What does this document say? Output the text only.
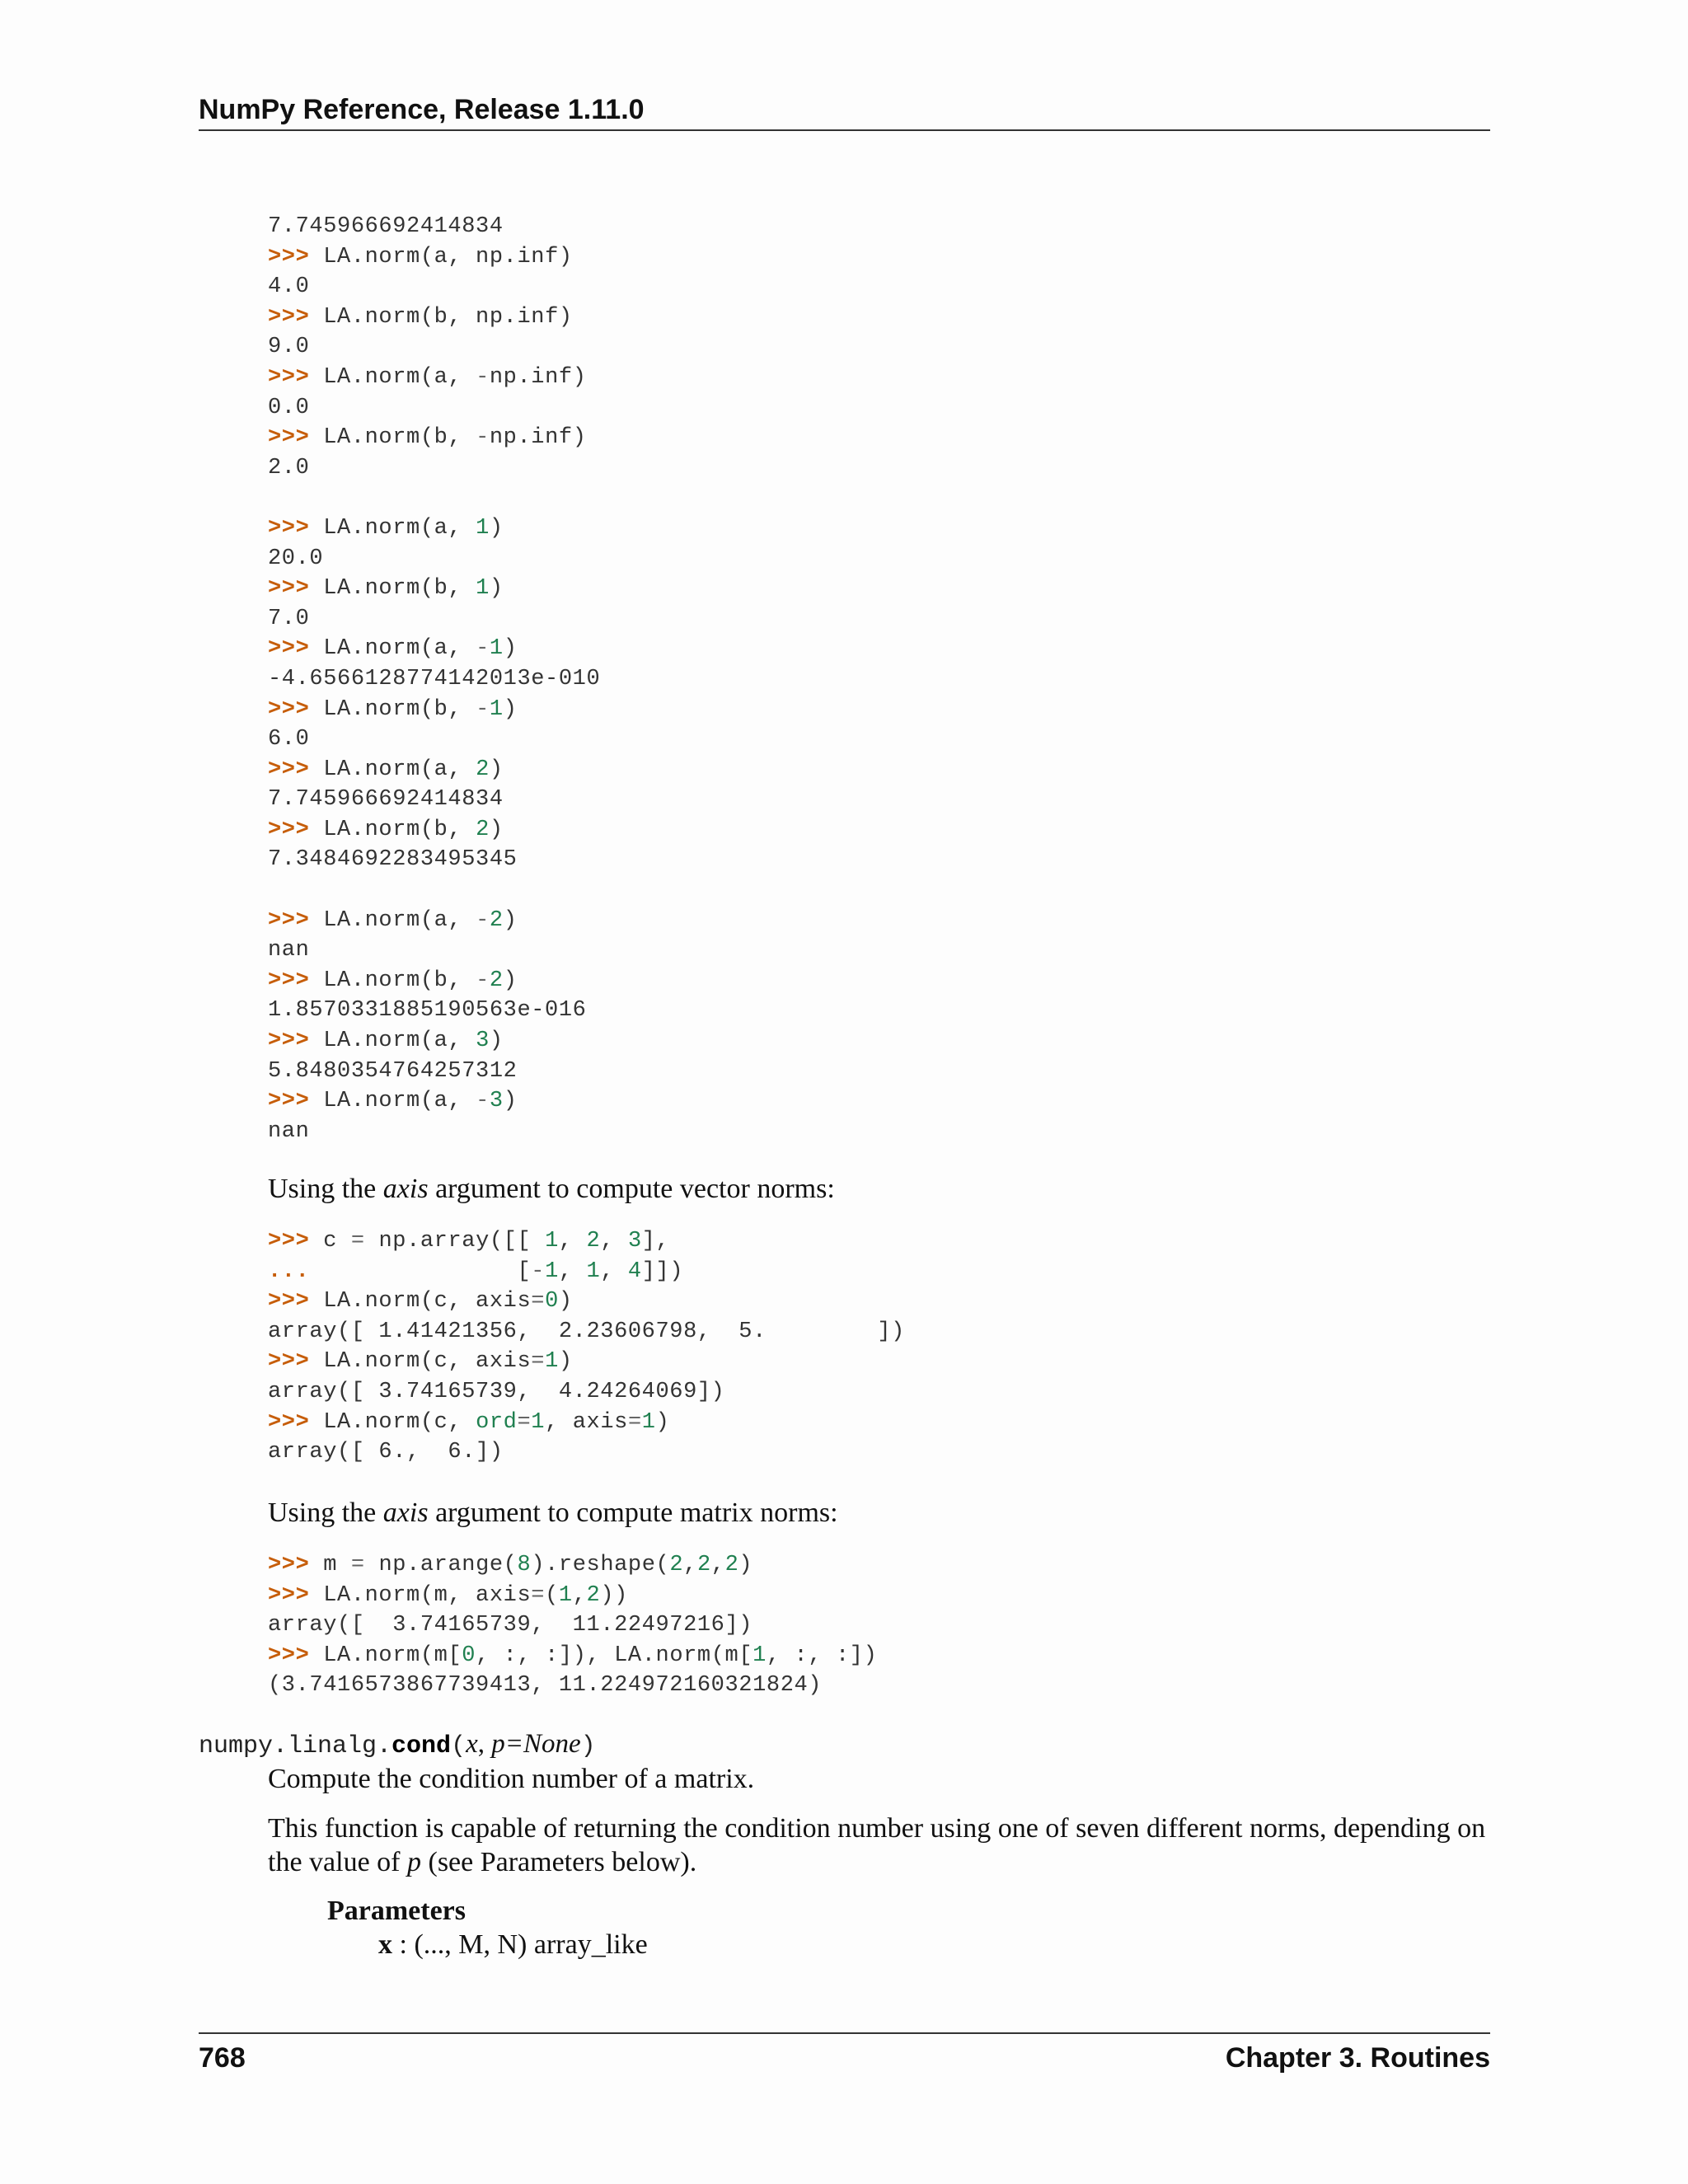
NumPy Reference, Release 1.11.0
7.745966692414834
>>> LA.norm(a, np.inf)
4.0
>>> LA.norm(b, np.inf)
9.0
>>> LA.norm(a, -np.inf)
0.0
>>> LA.norm(b, -np.inf)
2.0

>>> LA.norm(a, 1)
20.0
>>> LA.norm(b, 1)
7.0
>>> LA.norm(a, -1)
-4.6566128774142013e-010
>>> LA.norm(b, -1)
6.0
>>> LA.norm(a, 2)
7.745966692414834
>>> LA.norm(b, 2)
7.3484692283495345

>>> LA.norm(a, -2)
nan
>>> LA.norm(b, -2)
1.8570331885190563e-016
>>> LA.norm(a, 3)
5.8480354764257312
>>> LA.norm(a, -3)
nan

Using the axis argument to compute vector norms:

>>> c = np.array([[ 1, 2, 3],
...               [-1, 1, 4]])
>>> LA.norm(c, axis=0)
array([ 1.41421356,  2.23606798,  5.        ])
>>> LA.norm(c, axis=1)
array([ 3.74165739,  4.24264069])
>>> LA.norm(c, ord=1, axis=1)
array([ 6.,  6.])

Using the axis argument to compute matrix norms:

>>> m = np.arange(8).reshape(2,2,2)
>>> LA.norm(m, axis=(1,2))
array([  3.74165739,  11.22497216])
>>> LA.norm(m[0, :, :]), LA.norm(m[1, :, :])
(3.7416573867739413, 11.224972160321824)
numpy.linalg.cond(x, p=None)

Compute the condition number of a matrix.

This function is capable of returning the condition number using one of seven different norms, depending on the value of p (see Parameters below).

Parameters

x : (..., M, N) array_like

768	Chapter 3. Routines
